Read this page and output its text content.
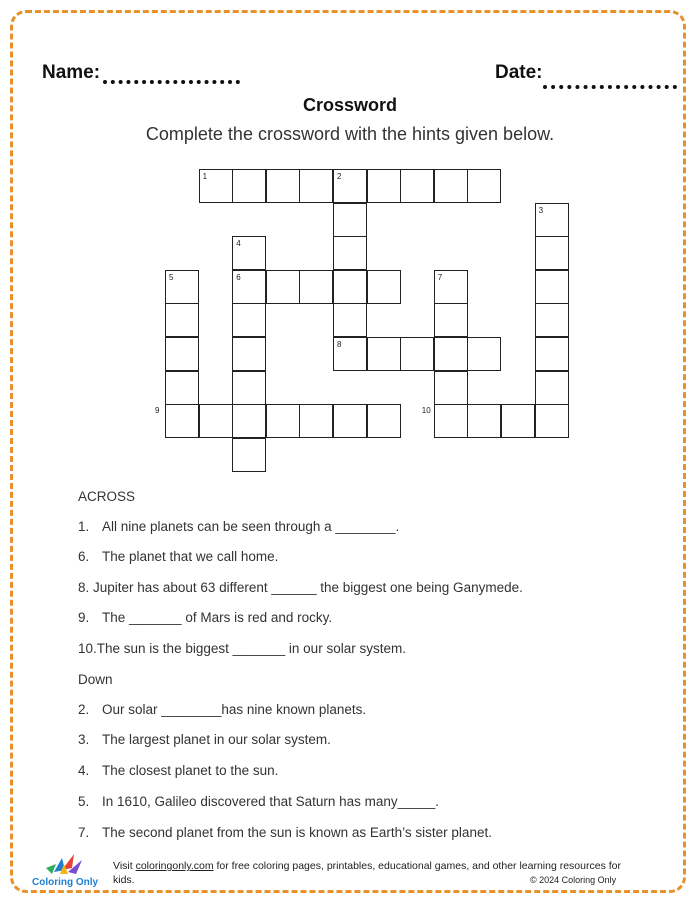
Name:	Date:
Crossword
Complete the crossword with the hints given below.
1	2
3
4
5	6	7
8
9	10
ACROSS
1. All nine planets can be seen through a ________.
6. The planet that we call home.
8. Jupiter has about 63 different ______ the biggest one being Ganymede.
9. The _______ of Mars is red and rocky.
10.The sun is the biggest _______ in our solar system.
Down
2. Our solar ________has nine known planets.
3. The largest planet in our solar system.
4. The closest planet to the sun.
5. In 1610, Galileo discovered that Saturn has many_____.
7. The second planet from the sun is known as Earth’s sister planet.
Coloring Only
Visit coloringonly.com for free coloring pages, printables, educational games, and other learning resources for kids.	© 2024 Coloring Only
